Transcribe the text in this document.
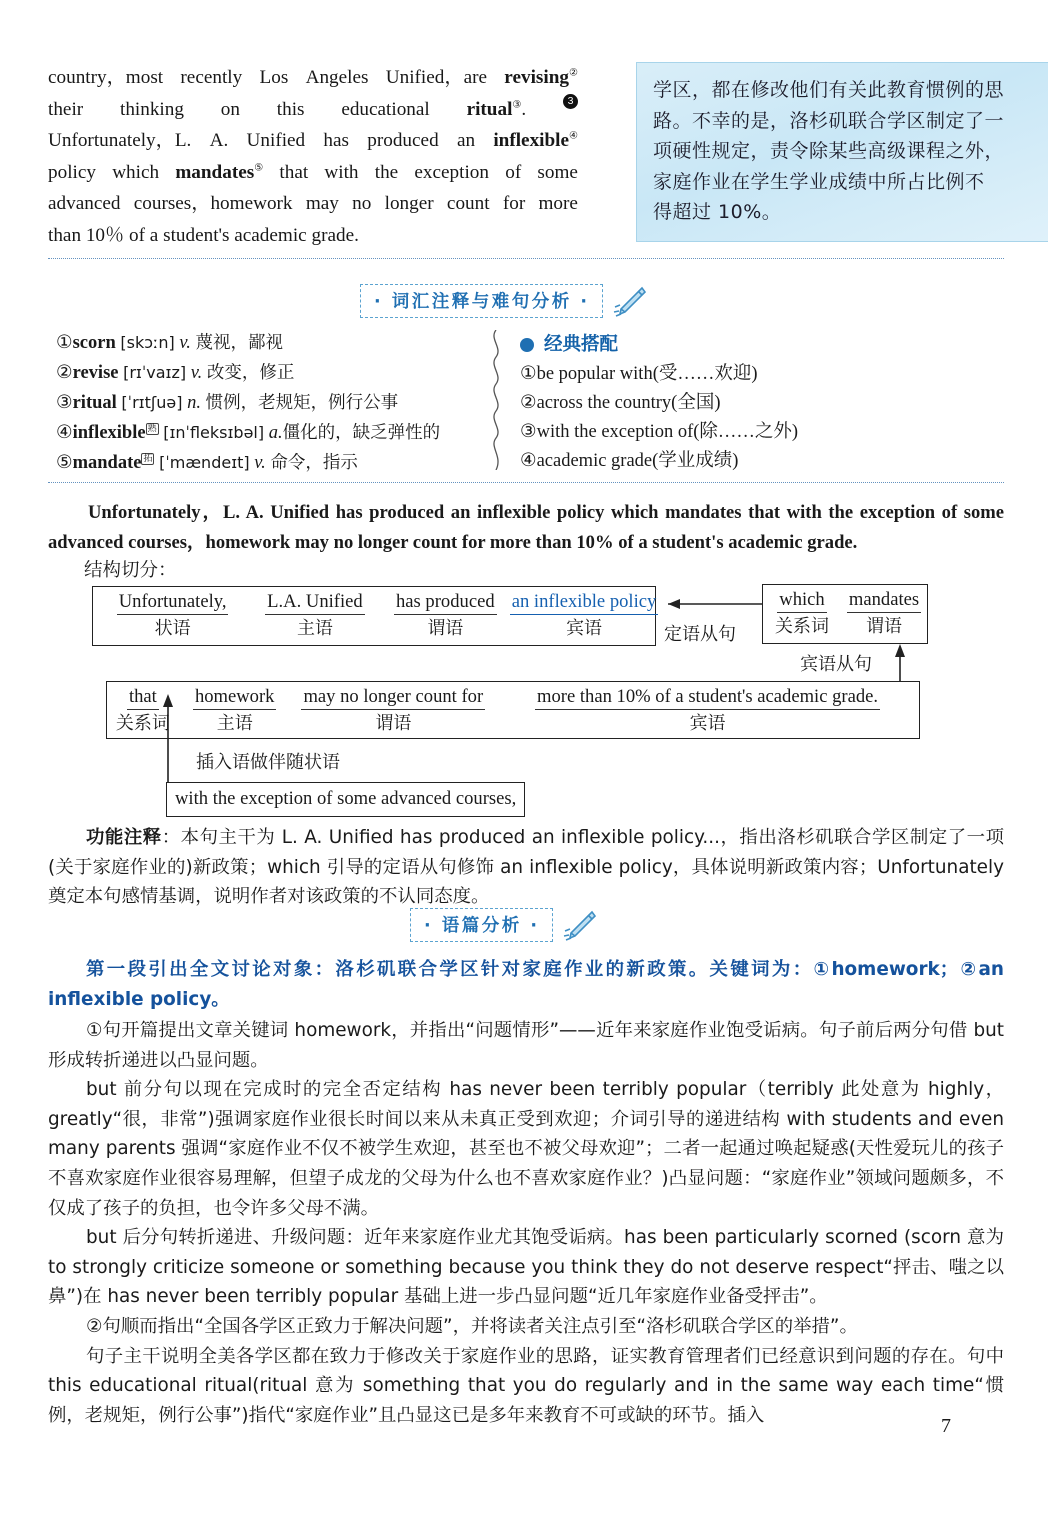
country，most recently Los Angeles Unified，are revising②
their thinking on this educational ritual③.	3
Unfortunately，L. A. Unified has produced an inflexible④
policy which mandates⑤ that with the exception of some
advanced courses，homework may no longer count for more
than 10％ of a student's academic grade.
学区，都在修改他们有关此教育惯例的思
路。不幸的是，洛杉矶联合学区制定了一
项硬性规定，责令除某些高级课程之外，
家庭作业在学生学业成绩中所占比例不
得超过 10%。
· 词汇注释与难句分析 ·
①scorn [skɔːn] v. 蔑视，鄙视
②revise [rɪˈvaɪz] v. 改变，修正
③ritual [ˈrɪtʃuə] n. 惯例，老规矩，例行公事
④inflexible $^熟$ [ɪnˈfleksɪbəl] a.僵化的，缺乏弹性的
⑤mandate $^拓$ [ˈmændeɪt] v. 命令，指示
经典搭配
①be popular with(受……欢迎)
②across the country(全国)
③with the exception of(除……之外)
④academic grade(学业成绩)
Unfortunately，L. A. Unified has produced an inflexible policy which mandates that with the exception of some advanced courses，homework may no longer count for more than 10% of a student's academic grade.
结构切分：
Unfortunately,
状语
L.A. Unified
主语
has produced
谓语
an inflexible policy
宾语
which
关系词
mandates
谓语
定语从句
宾语从句
that
关系词
homework
主语
may no longer count for
谓语
more than 10% of a student's academic grade.
宾语
插入语做伴随状语
with the exception of some advanced courses,
功能注释：本句主干为 L. A. Unified has produced an inflexible policy...，指出洛杉矶联合学区制定了一项(关于家庭作业的)新政策；which 引导的定语从句修饰 an inflexible policy，具体说明新政策内容；Unfortunately 奠定本句感情基调，说明作者对该政策的不认同态度。
· 语篇分析 ·
第一段引出全文讨论对象：洛杉矶联合学区针对家庭作业的新政策。关键词为：①homework；②an inflexible policy。

①句开篇提出文章关键词 homework，并指出“问题情形”——近年来家庭作业饱受诟病。句子前后两分句借 but 形成转折递进以凸显问题。

but 前分句以现在完成时的完全否定结构 has never been terribly popular（terribly 此处意为 highly，greatly“很，非常”)强调家庭作业很长时间以来从未真正受到欢迎；介词引导的递进结构 with students and even many parents 强调“家庭作业不仅不被学生欢迎，甚至也不被父母欢迎”；二者一起通过唤起疑惑(天性爱玩儿的孩子不喜欢家庭作业很容易理解，但望子成龙的父母为什么也不喜欢家庭作业？)凸显问题：“家庭作业”领域问题颇多，不仅成了孩子的负担，也令许多父母不满。

but 后分句转折递进、升级问题：近年来家庭作业尤其饱受诟病。has been particularly scorned (scorn 意为 to strongly criticize someone or something because you think they do not deserve respect“抨击、嗤之以鼻”)在 has never been terribly popular 基础上进一步凸显问题“近几年家庭作业备受抨击”。

②句顺而指出“全国各学区正致力于解决问题”，并将读者关注点引至“洛杉矶联合学区的举措”。

句子主干说明全美各学区都在致力于修改关于家庭作业的思路，证实教育管理者们已经意识到问题的存在。句中 this educational ritual(ritual 意为 something that you do regularly and in the same way each time“惯例，老规矩，例行公事”)指代“家庭作业”且凸显这已是多年来教育不可或缺的环节。插入	7
